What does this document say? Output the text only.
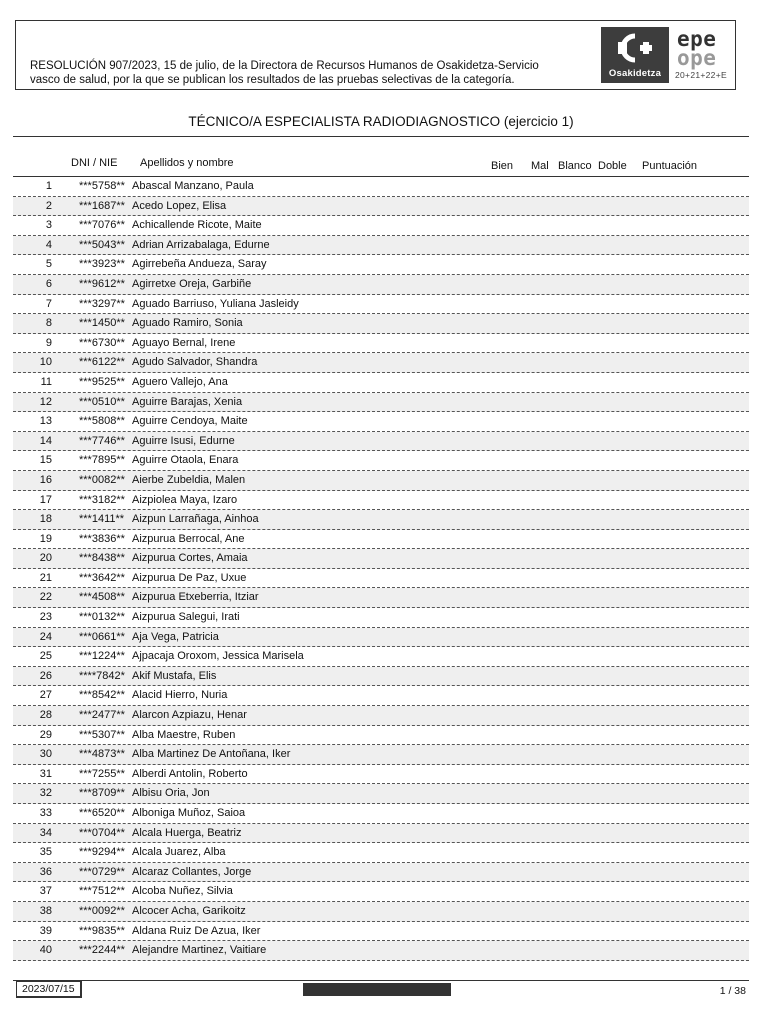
RESOLUCIÓN 907/2023, 15 de julio, de la Directora de Recursos Humanos de Osakidetza-Servicio vasco de salud, por la que se publican los resultados de las pruebas selectivas de la categoría.
Osakidetza
epe
ope
20+21+22+E
TÉCNICO/A ESPECIALISTA RADIODIAGNOSTICO (ejercicio 1)
DNI / NIE Apellidos y nombre	Bien Mal Blanco Doble Puntuación
1 ***5758** Abascal Manzano, Paula
2 ***1687** Acedo Lopez, Elisa
3 ***7076** Achicallende Ricote, Maite
4 ***5043** Adrian Arrizabalaga, Edurne
5 ***3923** Agirrebeña Andueza, Saray
6 ***9612** Agirretxe Oreja, Garbiñe
7 ***3297** Aguado Barriuso, Yuliana Jasleidy
8 ***1450** Aguado Ramiro, Sonia
9 ***6730** Aguayo Bernal, Irene
10 ***6122** Agudo Salvador, Shandra
11 ***9525** Aguero Vallejo, Ana
12 ***0510** Aguirre Barajas, Xenia
13 ***5808** Aguirre Cendoya, Maite
14 ***7746** Aguirre Isusi, Edurne
15 ***7895** Aguirre Otaola, Enara
16 ***0082** Aierbe Zubeldia, Malen
17 ***3182** Aizpiolea Maya, Izaro
18 ***1411** Aizpun Larrañaga, Ainhoa
19 ***3836** Aizpurua Berrocal, Ane
20 ***8438** Aizpurua Cortes, Amaia
21 ***3642** Aizpurua De Paz, Uxue
22 ***4508** Aizpurua Etxeberria, Itziar
23 ***0132** Aizpurua Salegui, Irati
24 ***0661** Aja Vega, Patricia
25 ***1224** Ajpacaja Oroxom, Jessica Marisela
26 ****7842* Akif Mustafa, Elis
27 ***8542** Alacid Hierro, Nuria
28 ***2477** Alarcon Azpiazu, Henar
29 ***5307** Alba Maestre, Ruben
30 ***4873** Alba Martinez De Antoñana, Iker
31 ***7255** Alberdi Antolin, Roberto
32 ***8709** Albisu Oria, Jon
33 ***6520** Alboniga Muñoz, Saioa
34 ***0704** Alcala Huerga, Beatriz
35 ***9294** Alcala Juarez, Alba
36 ***0729** Alcaraz Collantes, Jorge
37 ***7512** Alcoba Nuñez, Silvia
38 ***0092** Alcocer Acha, Garikoitz
39 ***9835** Aldana Ruiz De Azua, Iker
40 ***2244** Alejandre Martinez, Vaitiare
2023/07/15	1 / 38
